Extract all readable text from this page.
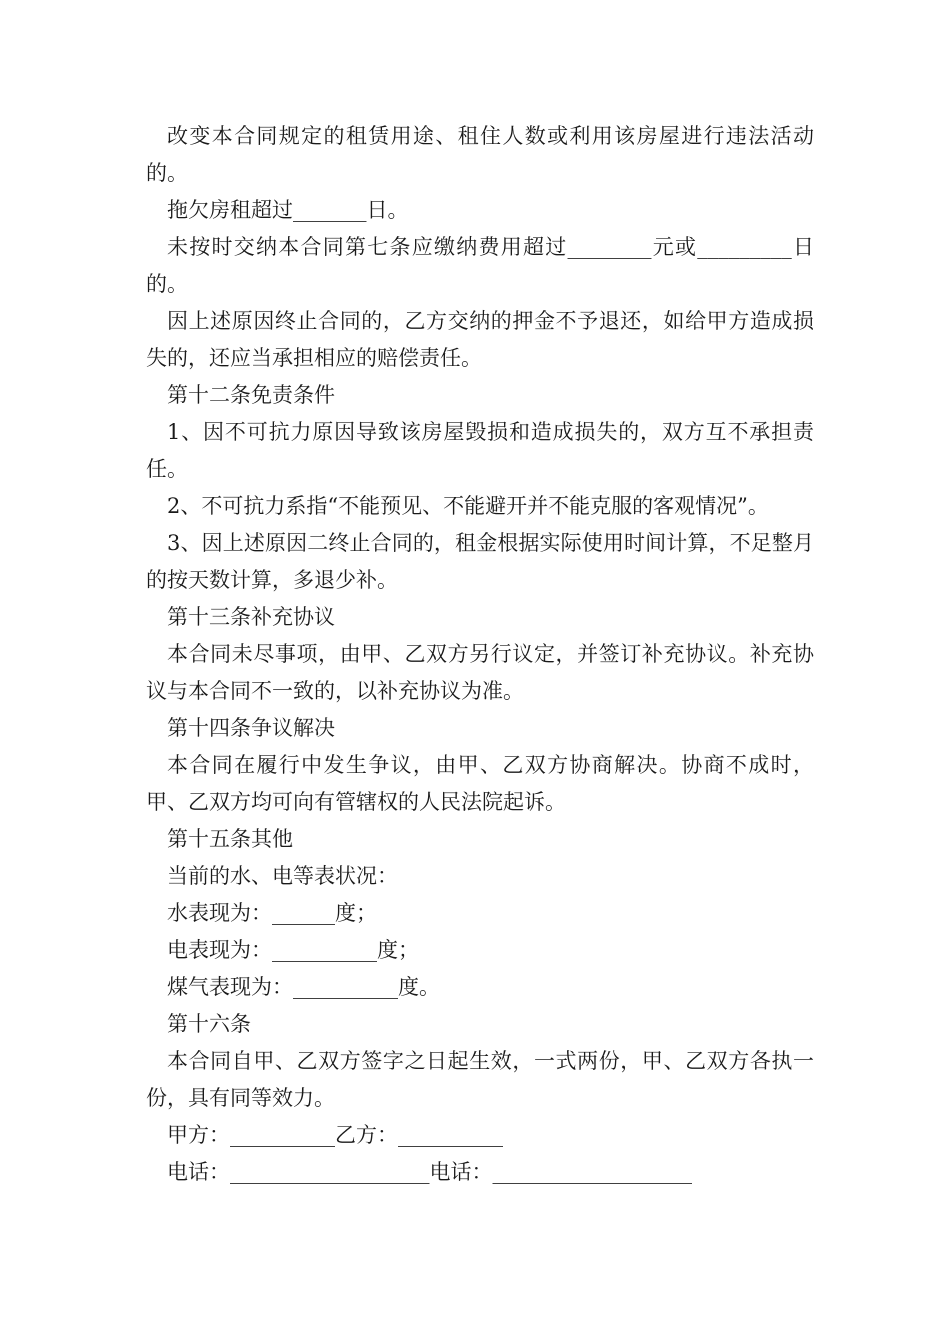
改变本合同规定的租赁用途、租住人数或利用该房屋进行违法活动的。

拖欠房租超过_______日。

未按时交纳本合同第七条应缴纳费用超过________元或_________日的。

因上述原因终止合同的，乙方交纳的押金不予退还，如给甲方造成损失的，还应当承担相应的赔偿责任。

第十二条免责条件

1、因不可抗力原因导致该房屋毁损和造成损失的，双方互不承担责任。

2、不可抗力系指“不能预见、不能避开并不能克服的客观情况”。

3、因上述原因二终止合同的，租金根据实际使用时间计算，不足整月的按天数计算，多退少补。

第十三条补充协议

本合同未尽事项，由甲、乙双方另行议定，并签订补充协议。补充协议与本合同不一致的，以补充协议为准。

第十四条争议解决

本合同在履行中发生争议，由甲、乙双方协商解决。协商不成时，甲、乙双方均可向有管辖权的人民法院起诉。

第十五条其他

当前的水、电等表状况：

水表现为：______度；

电表现为：__________度；

煤气表现为：__________度。

第十六条

本合同自甲、乙双方签字之日起生效，一式两份，甲、乙双方各执一份，具有同等效力。

甲方：__________乙方：__________

电话：___________________电话：___________________
